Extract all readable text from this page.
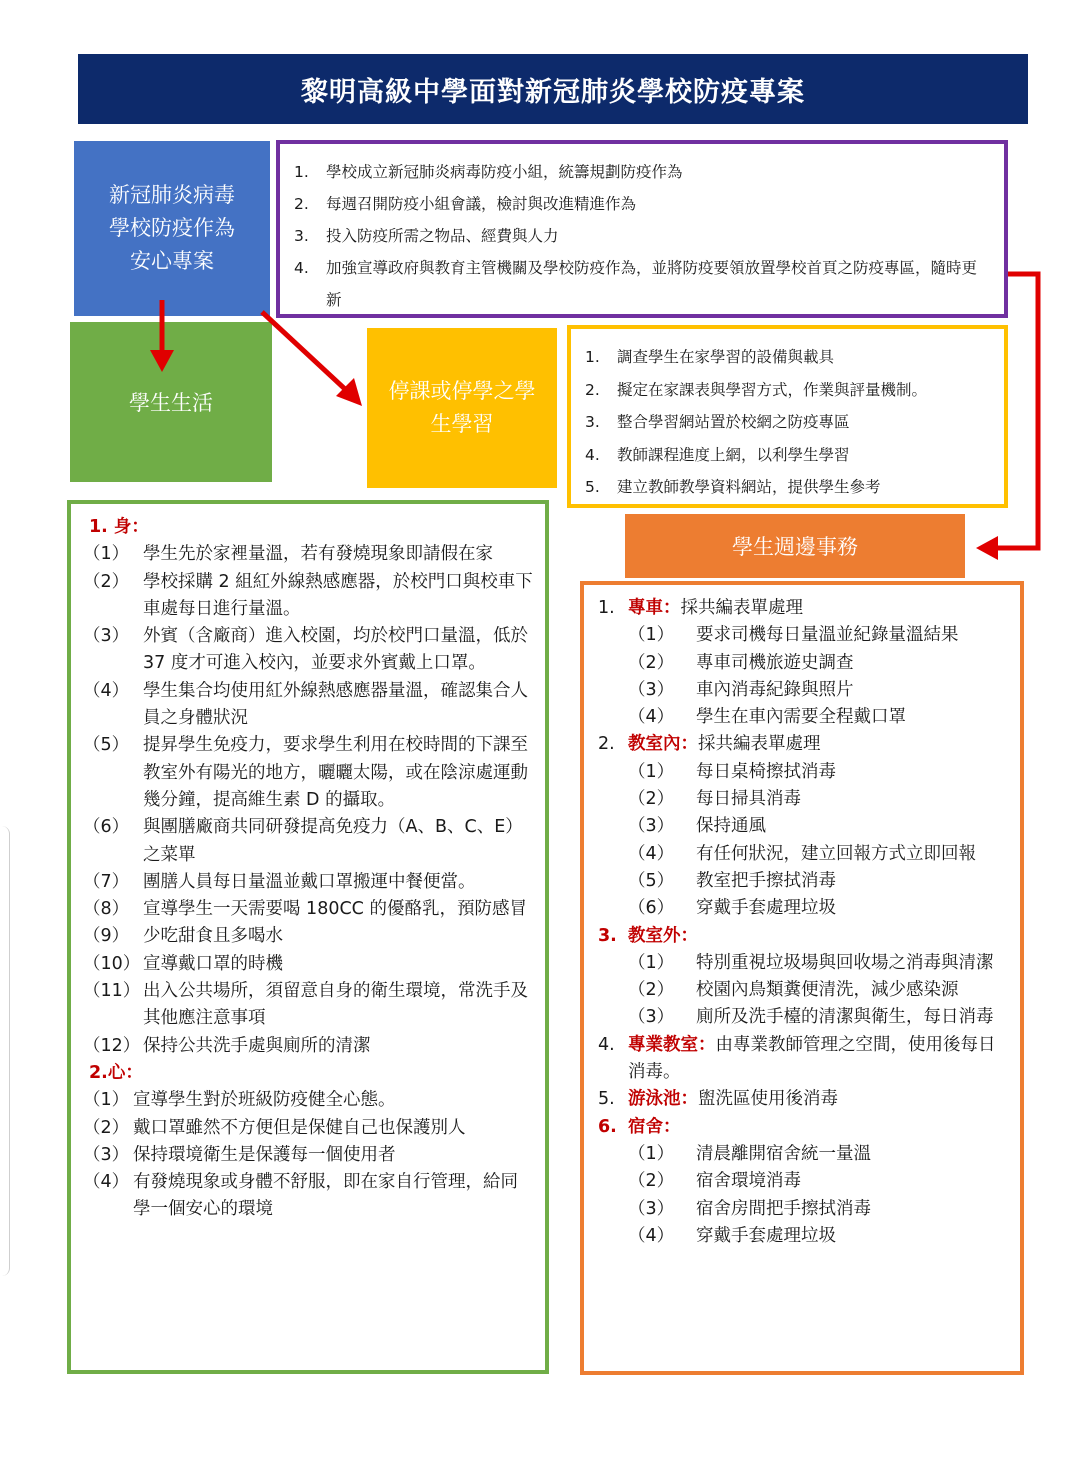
黎明高級中學面對新冠肺炎學校防疫專案
新冠肺炎病毒
學校防疫作為
安心專案
1.	學校成立新冠肺炎病毒防疫小組，統籌規劃防疫作為
2.	每週召開防疫小組會議，檢討與改進精進作為
3.	投入防疫所需之物品、經費與人力
4.	加強宣導政府與教育主管機關及學校防疫作為，並將防疫要領放置學校首頁之防疫專區，隨時更新
學生生活	停課或停學之學
生學習
1.	調查學生在家學習的設備與載具
2.	擬定在家課表與學習方式，作業與評量機制。
3.	整合學習網站置於校網之防疫專區
4.	教師課程進度上網，以利學生學習
5.	建立教師教學資料網站，提供學生參考
學生週邊事務
1. 身：
（1） 學生先於家裡量溫，若有發燒現象即請假在家
（2） 學校採購 2 組紅外線熱感應器，於校門口與校車下車處每日進行量溫。
（3） 外賓（含廠商）進入校園，均於校門口量溫，低於 37 度才可進入校內，並要求外賓戴上口罩。
（4） 學生集合均使用紅外線熱感應器量溫，確認集合人員之身體狀況
（5） 提昇學生免疫力，要求學生利用在校時間的下課至教室外有陽光的地方，曬曬太陽，或在陰涼處運動幾分鐘，提高維生素 D 的攝取。
（6） 與團膳廠商共同研發提高免疫力（A、B、C、E）之菜單
（7） 團膳人員每日量溫並戴口罩搬運中餐便當。
（8） 宣導學生一天需要喝 180CC 的優酪乳，預防感冒
（9） 少吃甜食且多喝水
（10） 宣導戴口罩的時機
（11） 出入公共場所，須留意自身的衛生環境，常洗手及其他應注意事項
（12） 保持公共洗手處與廁所的清潔
2.心：
（1） 宣導學生對於班級防疫健全心態。
（2） 戴口罩雖然不方便但是保健自己也保護別人
（3） 保持環境衛生是保護每一個使用者
（4） 有發燒現象或身體不舒服，即在家自行管理，給同學一個安心的環境
1. 專車：採共編表單處理
（1）	要求司機每日量溫並紀錄量溫結果
（2）	專車司機旅遊史調查
（3）	車內消毒紀錄與照片
（4）	學生在車內需要全程戴口罩
2. 教室內：採共編表單處理
（1）	每日桌椅擦拭消毒
（2）	每日掃具消毒
（3）	保持通風
（4）	有任何狀況，建立回報方式立即回報
（5）	教室把手擦拭消毒
（6）	穿戴手套處理垃圾
3. 教室外：
（1）	特別重視垃圾場與回收場之消毒與清潔
（2）	校園內鳥類糞便清洗，減少感染源
（3）	廁所及洗手檯的清潔與衛生，每日消毒
4. 專業教室：由專業教師管理之空間，使用後每日消毒。
5. 游泳池：盥洗區使用後消毒
6. 宿舍：
（1）	清晨離開宿舍統一量溫
（2）	宿舍環境消毒
（3）	宿舍房間把手擦拭消毒
（4）	穿戴手套處理垃圾
